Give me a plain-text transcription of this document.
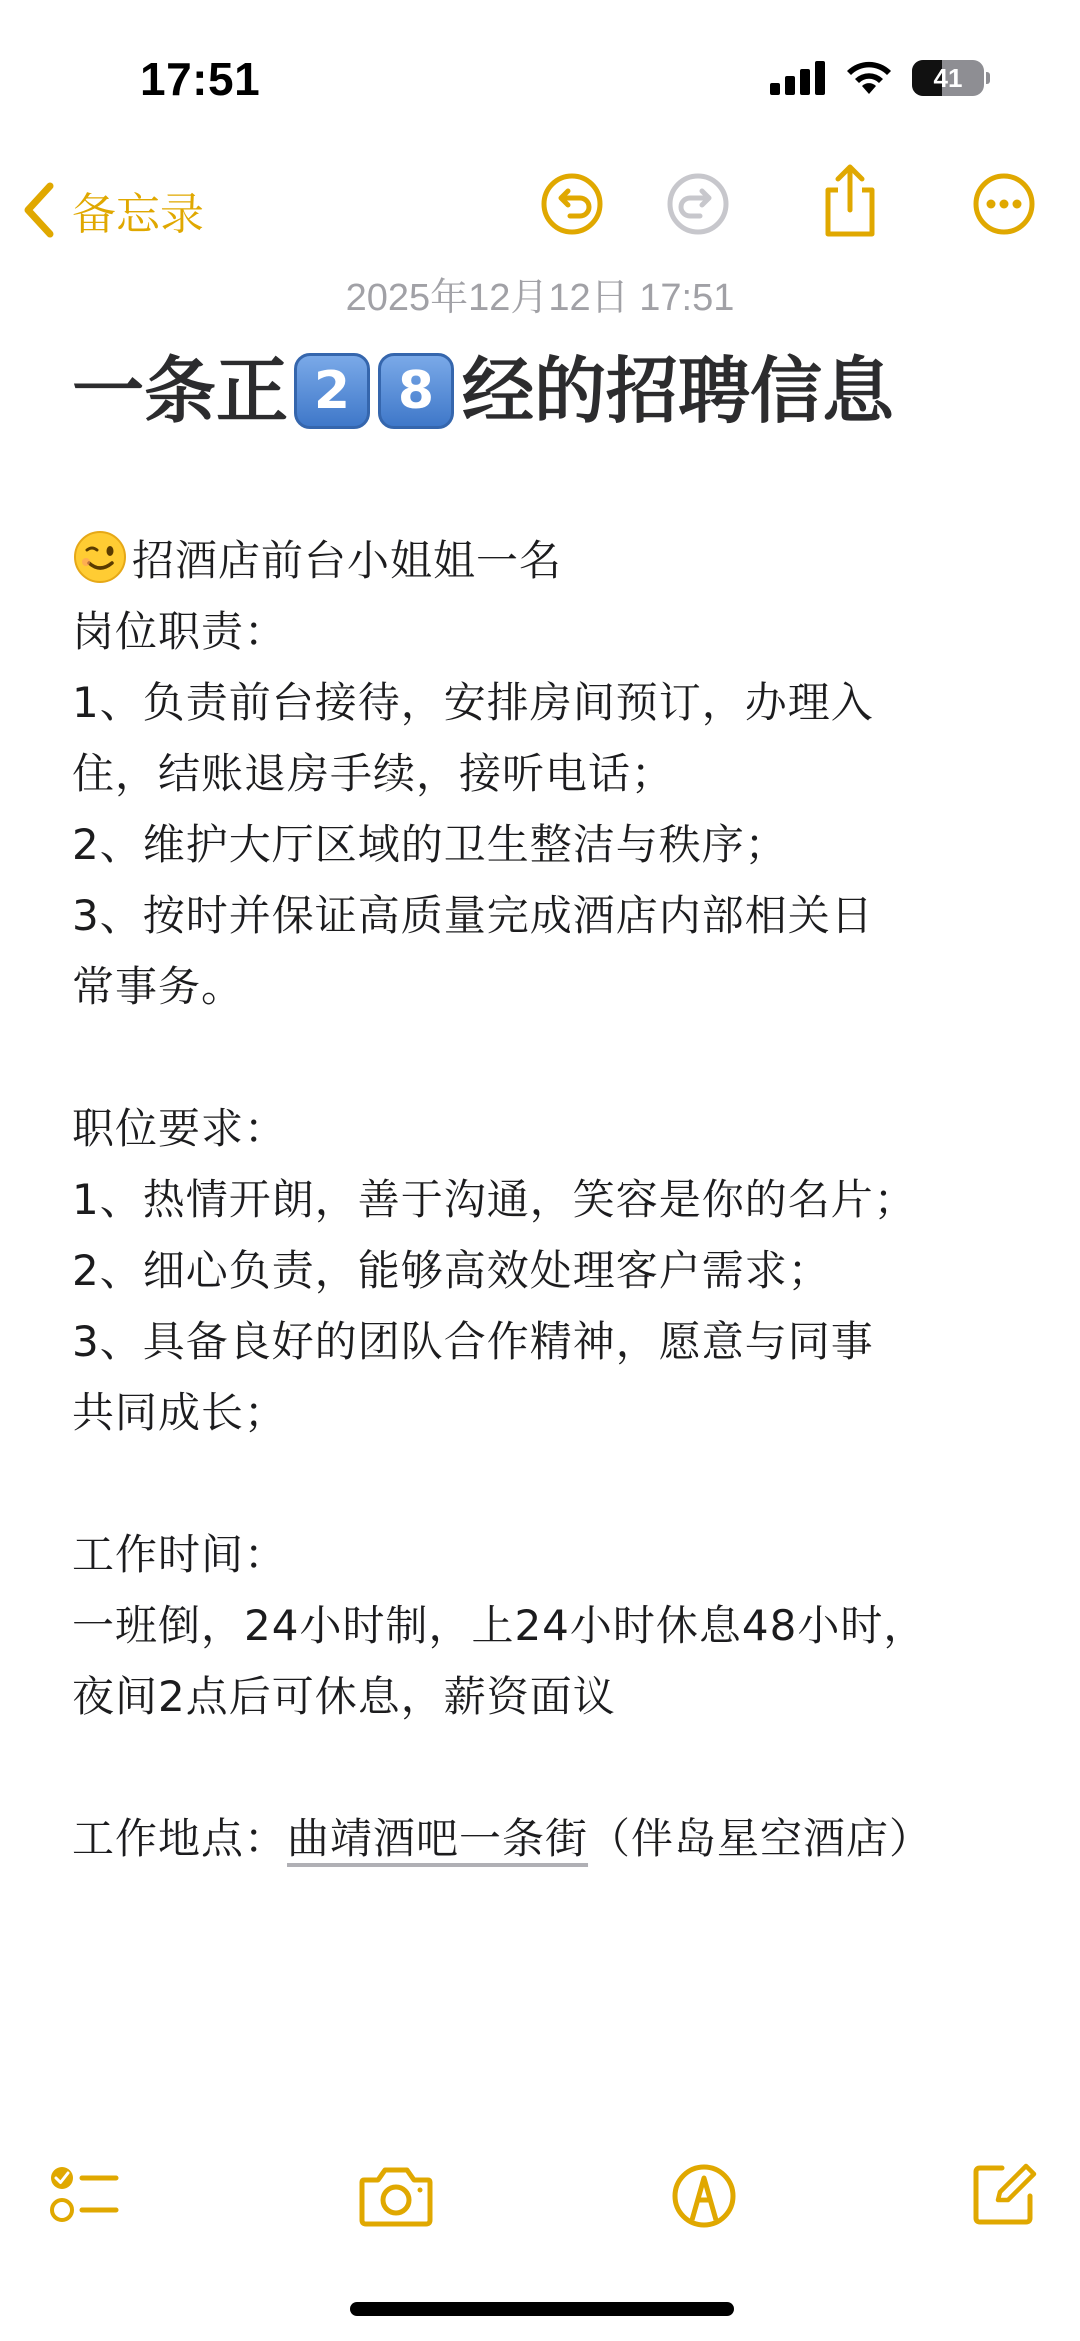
17:51	41
备忘录
2025年12月12日 17:51
一条正 2 8 经的招聘信息
招酒店前台小姐姐一名
岗位职责：
1、负责前台接待，安排房间预订，办理入
住，结账退房手续，接听电话；
2、维护大厅区域的卫生整洁与秩序；
3、按时并保证高质量完成酒店内部相关日
常事务。
职位要求：
1、热情开朗，善于沟通，笑容是你的名片；
2、细心负责，能够高效处理客户需求；
3、具备良好的团队合作精神，愿意与同事
共同成长；
工作时间：
一班倒，24小时制，上24小时休息48小时，
夜间2点后可休息，薪资面议
工作地点：曲靖酒吧一条街（伴岛星空酒店）
